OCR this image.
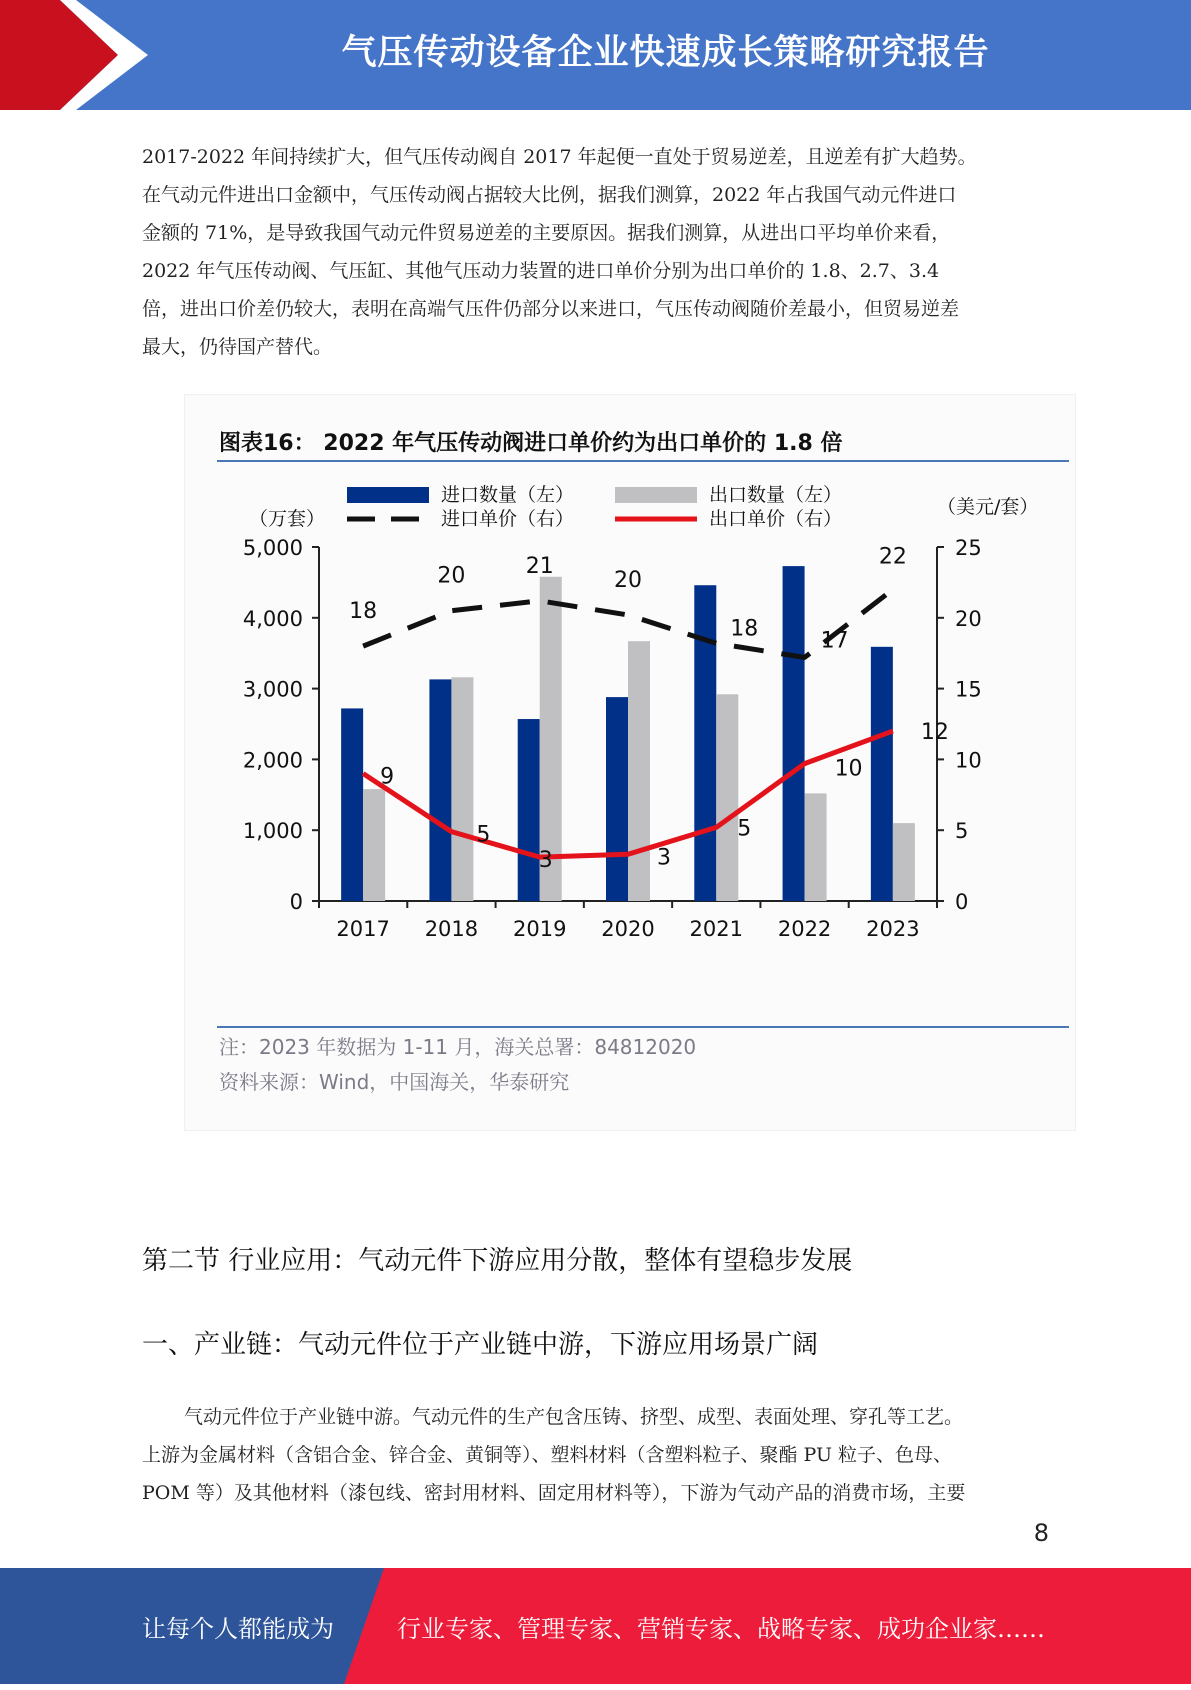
气压传动设备企业快速成长策略研究报告

2017-2022 年间持续扩大，但气压传动阀自 2017 年起便一直处于贸易逆差，且逆差有扩大趋势。

在气动元件进出口金额中，气压传动阀占据较大比例，据我们测算，2022 年占我国气动元件进口

金额的 71%，是导致我国气动元件贸易逆差的主要原因。据我们测算，从进出口平均单价来看，

2022 年气压传动阀、气压缸、其他气压动力装置的进口单价分别为出口单价的 1.8、2.7、3.4

倍，进出口价差仍较大，表明在高端气压件仍部分以来进口，气压传动阀随价差最小，但贸易逆差

最大，仍待国产替代。

图表16： 2022 年气压传动阀进口单价约为出口单价的 1.8 倍
0
1,000
2,000
3,000
4,000
5,000
0
5
10
15
20
25
2017 2018 2019 2020 2021 2022 2023
（万套）
（美元/套）
18
20	21
20
18	17
22
9
5
3	3
5
10
12
进口数量（左）	出口数量（左）
进口单价（右）	出口单价（右）
注：2023 年数据为 1-11 月，海关总署：84812020
资料来源：Wind，中国海关，华泰研究
第二节 行业应用：气动元件下游应用分散，整体有望稳步发展
一、产业链：气动元件位于产业链中游，下游应用场景广阔

气动元件位于产业链中游。气动元件的生产包含压铸、挤型、成型、表面处理、穿孔等工艺。

上游为金属材料（含铝合金、锌合金、黄铜等）、塑料材料（含塑料粒子、聚酯 PU 粒子、色母、

POM 等）及其他材料（漆包线、密封用材料、固定用材料等），下游为气动产品的消费市场，主要

8
让每个人都能成为	行业专家、管理专家、营销专家、战略专家、成功企业家……
